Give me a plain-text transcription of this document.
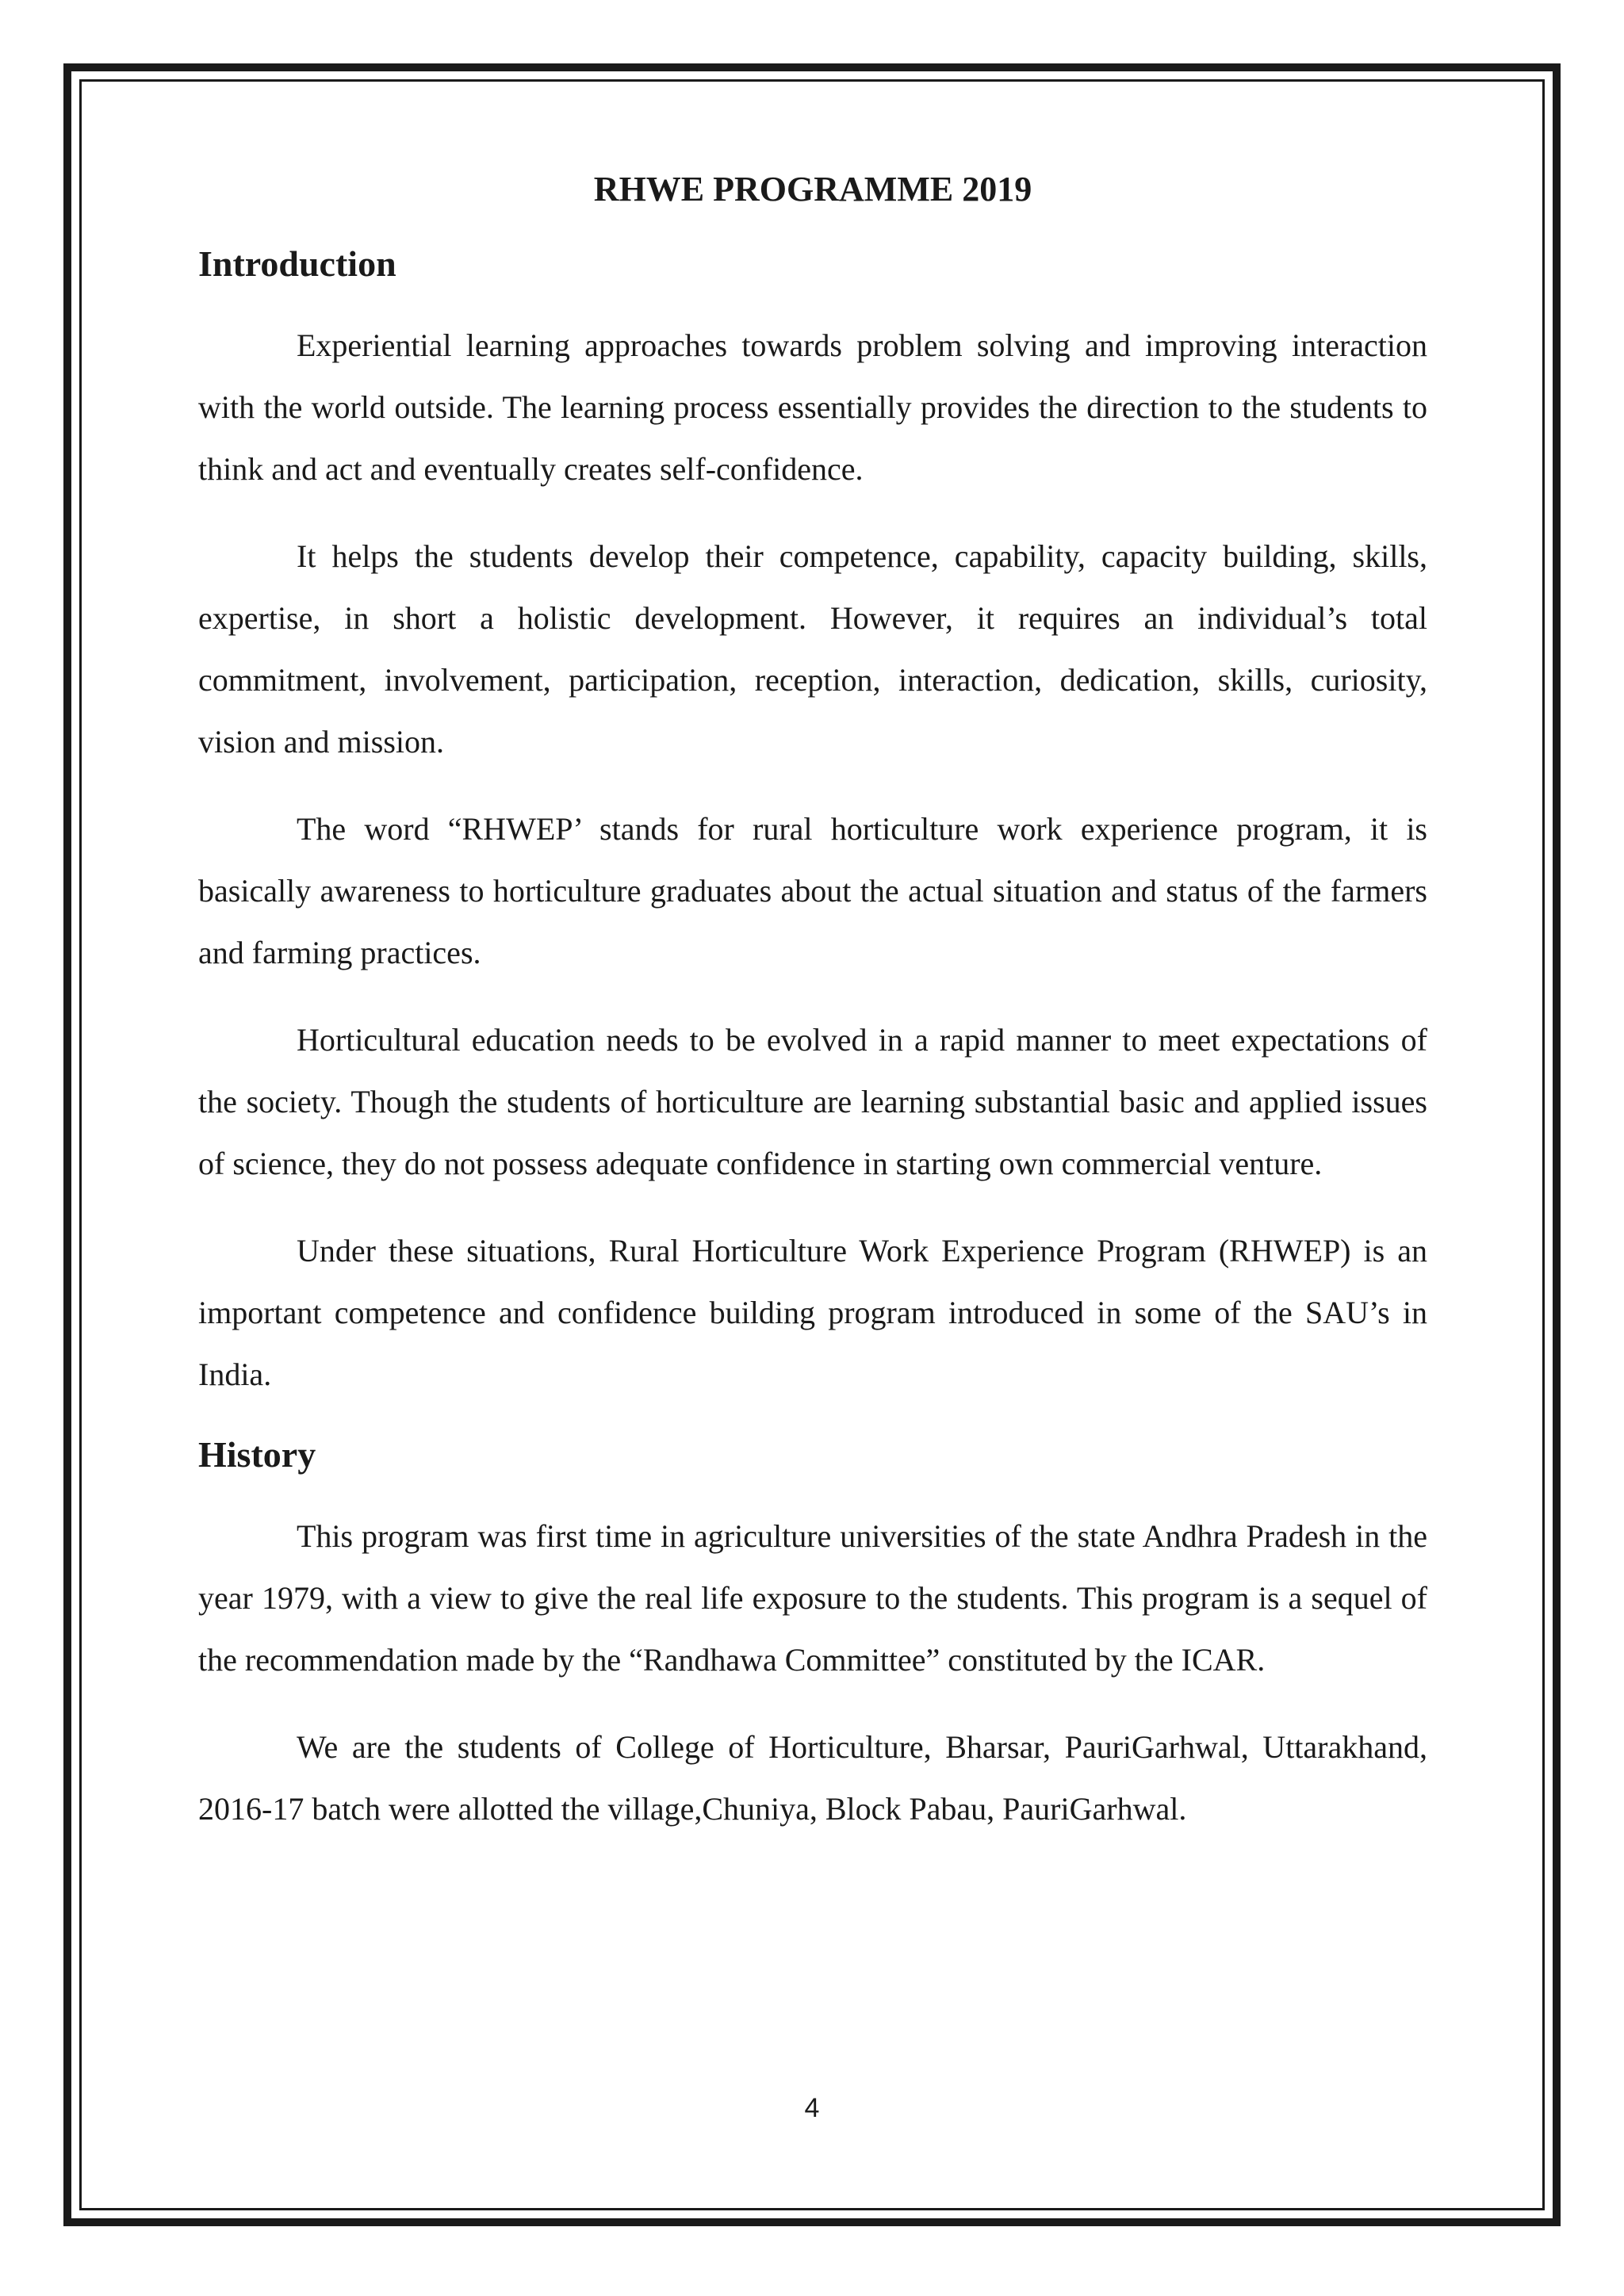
RHWE PROGRAMME 2019
Introduction

Experiential learning approaches towards problem solving and improving interaction with the world outside. The learning process essentially provides the direction to the students to think and act and eventually creates self-confidence.

It helps the students develop their competence, capability, capacity building, skills, expertise, in short a holistic development. However, it requires an individual’s total commitment, involvement, participation, reception, interaction, dedication, skills, curiosity, vision and mission.

The word “RHWEP’ stands for rural horticulture work experience program, it is basically awareness to horticulture graduates about the actual situation and status of the farmers and farming practices.

Horticultural education needs to be evolved in a rapid manner to meet expectations of the society. Though the students of horticulture are learning substantial basic and applied issues of science, they do not possess adequate confidence in starting own commercial venture.

Under these situations, Rural Horticulture Work Experience Program (RHWEP) is an important competence and confidence building program introduced in some of the SAU’s in India.

History

This program was first time in agriculture universities of the state Andhra Pradesh in the year 1979, with a view to give the real life exposure to the students. This program is a sequel of the recommendation made by the “Randhawa Committee” constituted by the ICAR.

We are the students of College of Horticulture, Bharsar, PauriGarhwal, Uttarakhand, 2016-17 batch were allotted the village,Chuniya, Block Pabau, PauriGarhwal.

4
